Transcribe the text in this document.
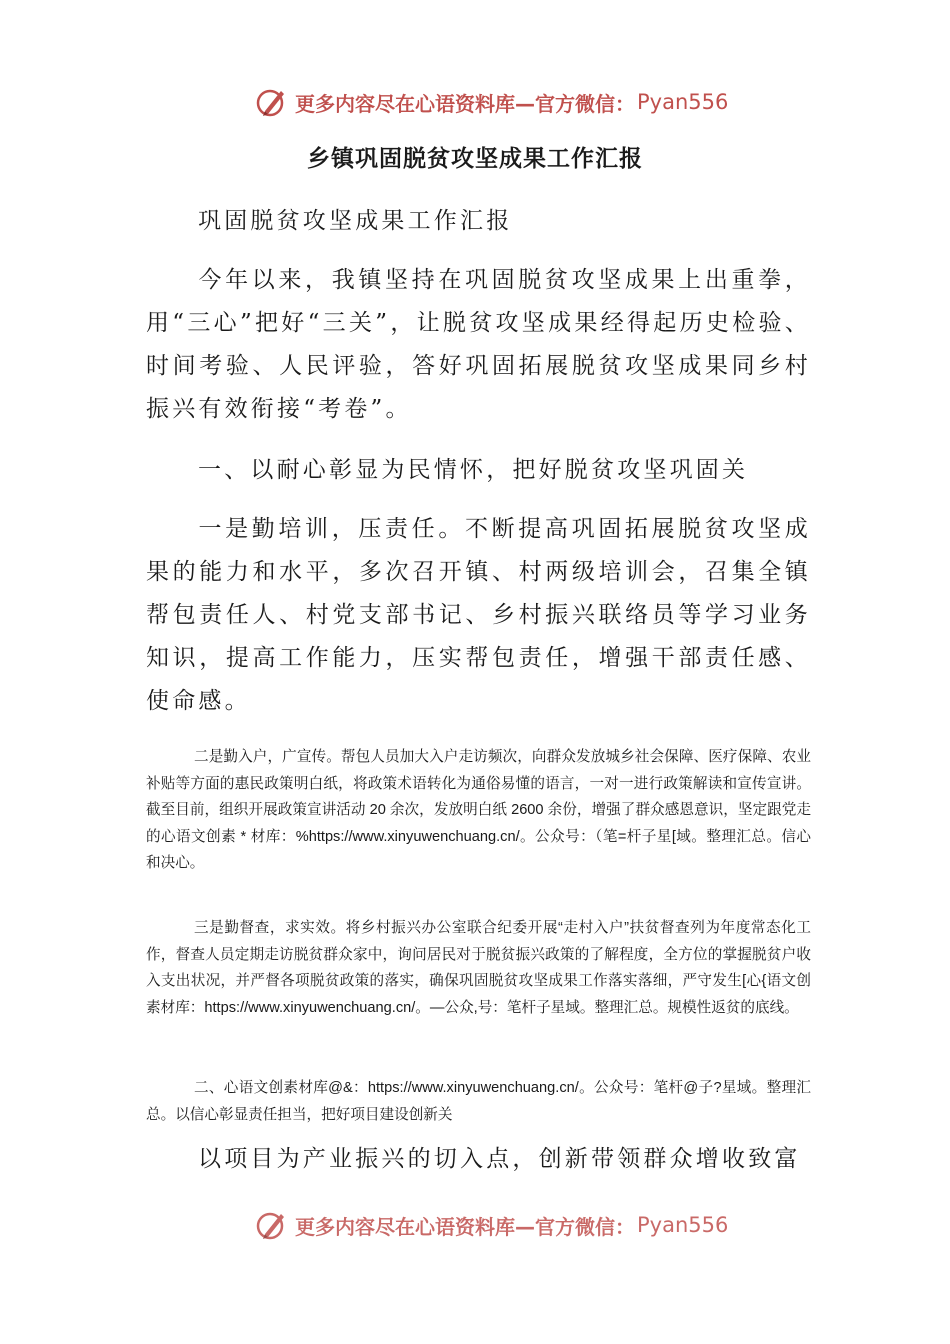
更多内容尽在心语资料库—官方微信： Pyan556
乡镇巩固脱贫攻坚成果工作汇报

巩固脱贫攻坚成果工作汇报

今年以来，我镇坚持在巩固脱贫攻坚成果上出重拳，用“三心”把好“三关”，让脱贫攻坚成果经得起历史检验、时间考验、人民评验，答好巩固拓展脱贫攻坚成果同乡村振兴有效衔接“考卷”。

一、以耐心彰显为民情怀，把好脱贫攻坚巩固关

一是勤培训，压责任。不断提高巩固拓展脱贫攻坚成果的能力和水平，多次召开镇、村两级培训会，召集全镇帮包责任人、村党支部书记、乡村振兴联络员等学习业务知识，提高工作能力，压实帮包责任，增强干部责任感、使命感。

二是勤入户，广宣传。帮包人员加大入户走访频次，向群众发放城乡社会保障、医疗保障、农业补贴等方面的惠民政策明白纸，将政策术语转化为通俗易懂的语言，一对一进行政策解读和宣传宣讲。截至目前，组织开展政策宣讲活动 20 余次，发放明白纸 2600 余份，增强了群众感恩意识，坚定跟党走的心语文创素 * 材库：%https://www.xinyuwenchuang.cn/。公众号：（笔=杆子星[域。整理汇总。信心和决心。

三是勤督查，求实效。将乡村振兴办公室联合纪委开展“走村入户”扶贫督查列为年度常态化工作，督查人员定期走访脱贫群众家中，询问居民对于脱贫振兴政策的了解程度，全方位的掌握脱贫户收入支出状况，并严督各项脱贫政策的落实，确保巩固脱贫攻坚成果工作落实落细，严守发生[心{语文创素材库：https://www.xinyuwenchuang.cn/。—公众,号：笔杆子星域。整理汇总。规模性返贫的底线。

二、心语文创素材库@&：https://www.xinyuwenchuang.cn/。公众号：笔杆@子?星域。整理汇总。以信心彰显责任担当，把好项目建设创新关

以项目为产业振兴的切入点，创新带领群众增收致富

更多内容尽在心语资料库—官方微信： Pyan556
